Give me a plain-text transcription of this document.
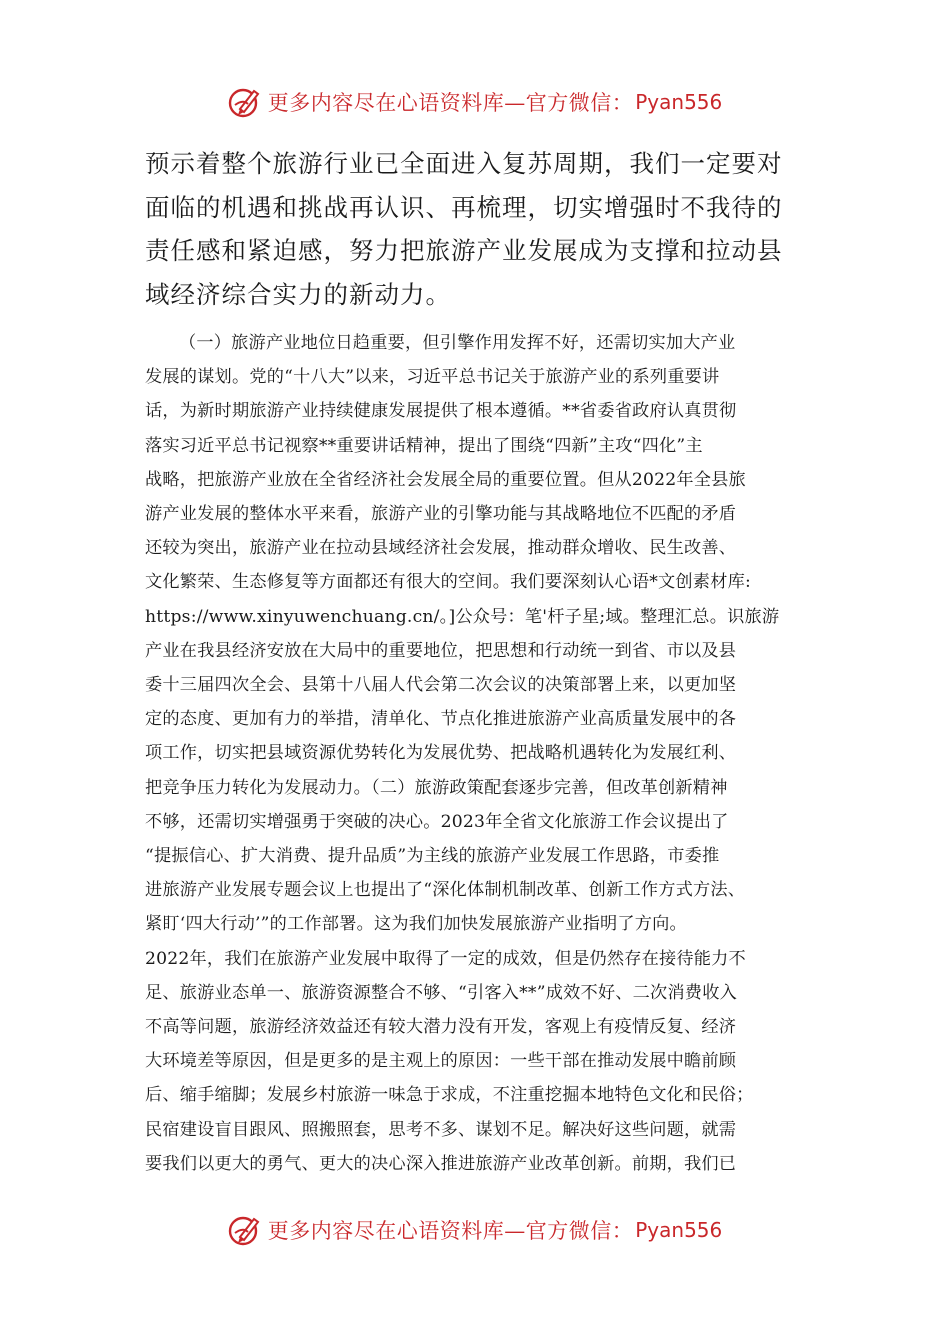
更多内容尽在心语资料库—官方微信： Pyan556
预示着整个旅游行业已全面进入复苏周期，我们一定要对
面临的机遇和挑战再认识、再梳理，切实增强时不我待的
责任感和紧迫感，努力把旅游产业发展成为支撑和拉动县
域经济综合实力的新动力。
（一）旅游产业地位日趋重要，但引擎作用发挥不好，还需切实加大产业
发展的谋划。党的“十八大”以来，习近平总书记关于旅游产业的系列重要讲
话，为新时期旅游产业持续健康发展提供了根本遵循。**省委省政府认真贯彻
落实习近平总书记视察**重要讲话精神，提出了围绕“四新”主攻“四化”主
战略，把旅游产业放在全省经济社会发展全局的重要位置。但从2022年全县旅
游产业发展的整体水平来看，旅游产业的引擎功能与其战略地位不匹配的矛盾
还较为突出，旅游产业在拉动县域经济社会发展，推动群众增收、民生改善、
文化繁荣、生态修复等方面都还有很大的空间。我们要深刻认心语*文创素材库:
https://www.xinyuwenchuang.cn/。]公众号：笔'杆子星;域。整理汇总。识旅游
产业在我县经济安放在大局中的重要地位，把思想和行动统一到省、市以及县
委十三届四次全会、县第十八届人代会第二次会议的决策部署上来，以更加坚
定的态度、更加有力的举措，清单化、节点化推进旅游产业高质量发展中的各
项工作，切实把县域资源优势转化为发展优势、把战略机遇转化为发展红利、
把竞争压力转化为发展动力。（二）旅游政策配套逐步完善，但改革创新精神
不够，还需切实增强勇于突破的决心。2023年全省文化旅游工作会议提出了
“提振信心、扩大消费、提升品质”为主线的旅游产业发展工作思路，市委推
进旅游产业发展专题会议上也提出了“深化体制机制改革、创新工作方式方法、
紧盯‘四大行动’”的工作部署。这为我们加快发展旅游产业指明了方向。
2022年，我们在旅游产业发展中取得了一定的成效，但是仍然存在接待能力不
足、旅游业态单一、旅游资源整合不够、“引客入**”成效不好、二次消费收入
不高等问题，旅游经济效益还有较大潜力没有开发，客观上有疫情反复、经济
大环境差等原因，但是更多的是主观上的原因：一些干部在推动发展中瞻前顾
后、缩手缩脚；发展乡村旅游一味急于求成，不注重挖掘本地特色文化和民俗；
民宿建设盲目跟风、照搬照套，思考不多、谋划不足。解决好这些问题，就需
要我们以更大的勇气、更大的决心深入推进旅游产业改革创新。前期，我们已
更多内容尽在心语资料库—官方微信： Pyan556
